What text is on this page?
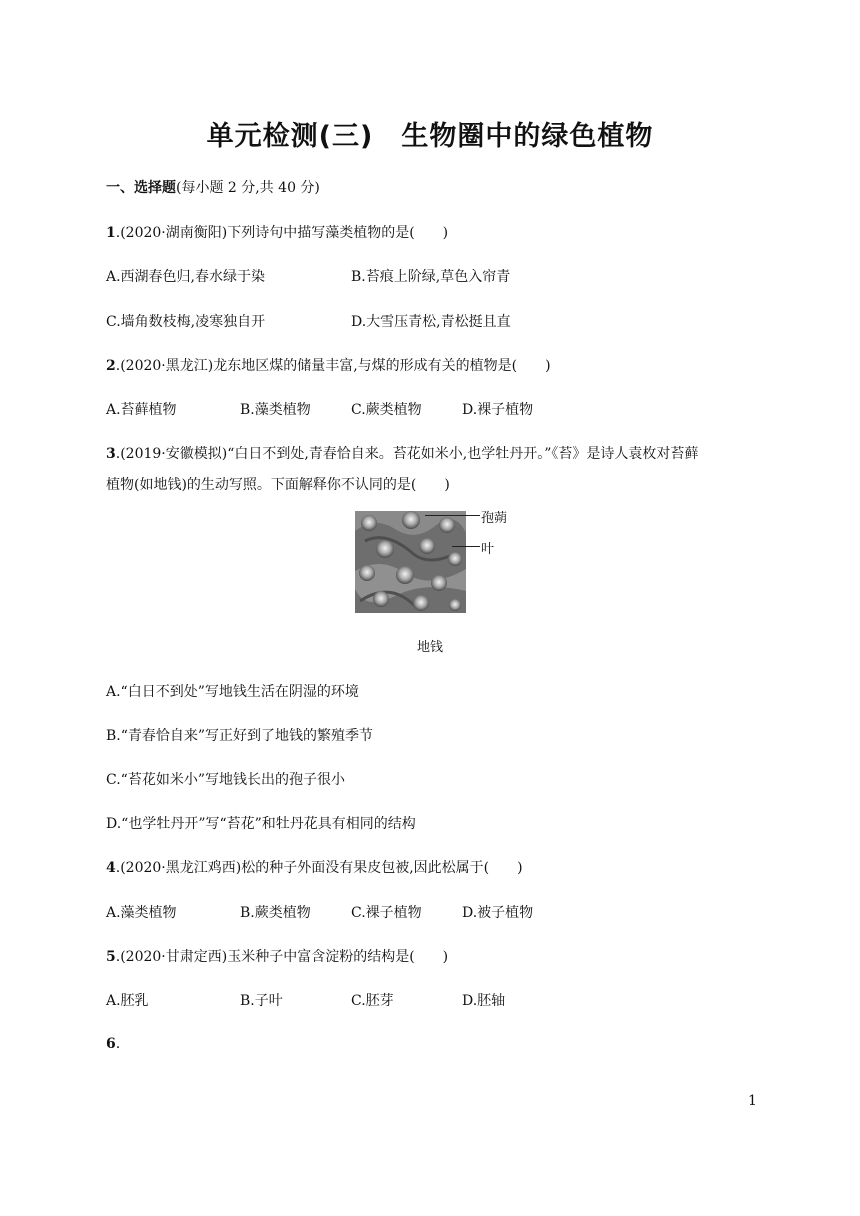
单元检测(三)　生物圈中的绿色植物
一、选择题(每小题 2 分,共 40 分)
1.(2020·湖南衡阳)下列诗句中描写藻类植物的是(　　)
A.西湖春色归,春水绿于染	B.苔痕上阶绿,草色入帘青
C.墙角数枝梅,凌寒独自开	D.大雪压青松,青松挺且直
2.(2020·黑龙江)龙东地区煤的储量丰富,与煤的形成有关的植物是(　　)
A.苔藓植物	B.藻类植物	C.蕨类植物	D.裸子植物
3.(2019·安徽模拟)“白日不到处,青春恰自来。苔花如米小,也学牡丹开。”《苔》是诗人袁枚对苔藓
植物(如地钱)的生动写照。下面解释你不认同的是(　　)
孢蒴
叶
地钱
A.“白日不到处”写地钱生活在阴湿的环境
B.“青春恰自来”写正好到了地钱的繁殖季节
C.“苔花如米小”写地钱长出的孢子很小
D.“也学牡丹开”写“苔花”和牡丹花具有相同的结构
4.(2020·黑龙江鸡西)松的种子外面没有果皮包被,因此松属于(　　)
A.藻类植物	B.蕨类植物	C.裸子植物	D.被子植物
5.(2020·甘肃定西)玉米种子中富含淀粉的结构是(　　)
A.胚乳	B.子叶	C.胚芽	D.胚轴
6.
1
